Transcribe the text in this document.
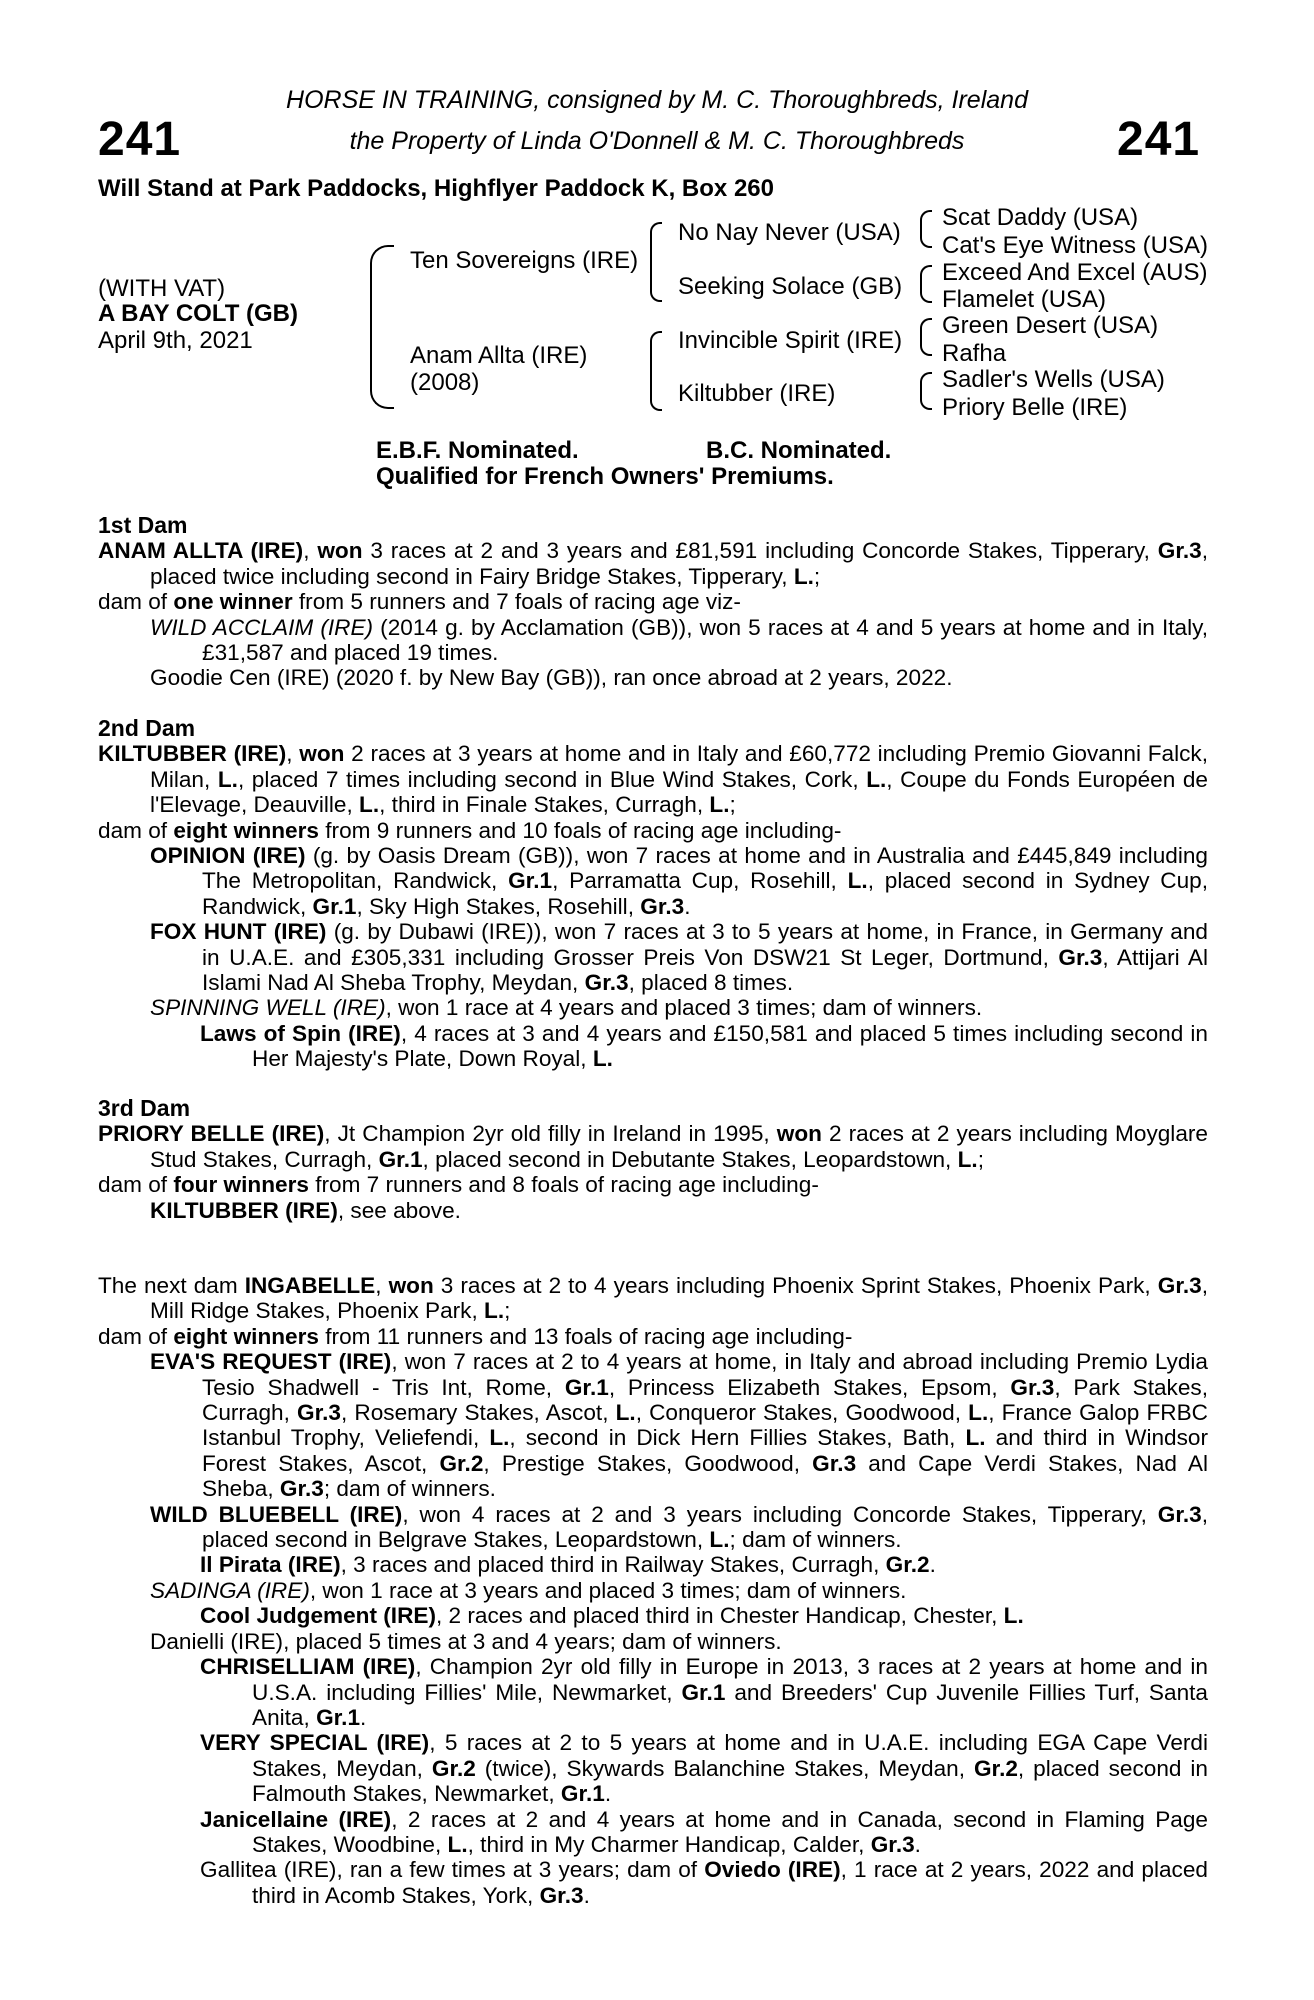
241	241
HORSE IN TRAINING, consigned by M. C. Thoroughbreds, Ireland
the Property of Linda O'Donnell & M. C. Thoroughbreds
Will Stand at Park Paddocks, Highflyer Paddock K, Box 260
(WITH VAT)
A BAY COLT (GB)
April 9th, 2021
Ten Sovereigns (IRE)
Anam Allta (IRE)
(2008)
No Nay Never (USA)
Seeking Solace (GB)
Invincible Spirit (IRE)
Kiltubber (IRE)
Scat Daddy (USA)
Cat's Eye Witness (USA)
Exceed And Excel (AUS)
Flamelet (USA)
Green Desert (USA)
Rafha
Sadler's Wells (USA)
Priory Belle (IRE)
E.B.F. Nominated.	B.C. Nominated.
Qualified for French Owners' Premiums.

1st Dam

ANAM ALLTA (IRE), won 3 races at 2 and 3 years and £81,591 including Concorde Stakes, Tipperary, Gr.3, placed twice including second in Fairy Bridge Stakes, Tipperary, L.;

dam of one winner from 5 runners and 7 foals of racing age viz-

WILD ACCLAIM (IRE) (2014 g. by Acclamation (GB)), won 5 races at 4 and 5 years at home and in Italy, £31,587 and placed 19 times.

Goodie Cen (IRE) (2020 f. by New Bay (GB)), ran once abroad at 2 years, 2022.

2nd Dam

KILTUBBER (IRE), won 2 races at 3 years at home and in Italy and £60,772 including Premio Giovanni Falck, Milan, L., placed 7 times including second in Blue Wind Stakes, Cork, L., Coupe du Fonds Européen de l'Elevage, Deauville, L., third in Finale Stakes, Curragh, L.;

dam of eight winners from 9 runners and 10 foals of racing age including-

OPINION (IRE) (g. by Oasis Dream (GB)), won 7 races at home and in Australia and £445,849 including The Metropolitan, Randwick, Gr.1, Parramatta Cup, Rosehill, L., placed second in Sydney Cup, Randwick, Gr.1, Sky High Stakes, Rosehill, Gr.3.

FOX HUNT (IRE) (g. by Dubawi (IRE)), won 7 races at 3 to 5 years at home, in France, in Germany and in U.A.E. and £305,331 including Grosser Preis Von DSW21 St Leger, Dortmund, Gr.3, Attijari Al Islami Nad Al Sheba Trophy, Meydan, Gr.3, placed 8 times.

SPINNING WELL (IRE), won 1 race at 4 years and placed 3 times; dam of winners.

Laws of Spin (IRE), 4 races at 3 and 4 years and £150,581 and placed 5 times including second in Her Majesty's Plate, Down Royal, L.

3rd Dam

PRIORY BELLE (IRE), Jt Champion 2yr old filly in Ireland in 1995, won 2 races at 2 years including Moyglare Stud Stakes, Curragh, Gr.1, placed second in Debutante Stakes, Leopardstown, L.;

dam of four winners from 7 runners and 8 foals of racing age including-

KILTUBBER (IRE), see above.

The next dam INGABELLE, won 3 races at 2 to 4 years including Phoenix Sprint Stakes, Phoenix Park, Gr.3, Mill Ridge Stakes, Phoenix Park, L.;

dam of eight winners from 11 runners and 13 foals of racing age including-

EVA'S REQUEST (IRE), won 7 races at 2 to 4 years at home, in Italy and abroad including Premio Lydia Tesio Shadwell - Tris Int, Rome, Gr.1, Princess Elizabeth Stakes, Epsom, Gr.3, Park Stakes, Curragh, Gr.3, Rosemary Stakes, Ascot, L., Conqueror Stakes, Goodwood, L., France Galop FRBC Istanbul Trophy, Veliefendi, L., second in Dick Hern Fillies Stakes, Bath, L. and third in Windsor Forest Stakes, Ascot, Gr.2, Prestige Stakes, Goodwood, Gr.3 and Cape Verdi Stakes, Nad Al Sheba, Gr.3; dam of winners.

WILD BLUEBELL (IRE), won 4 races at 2 and 3 years including Concorde Stakes, Tipperary, Gr.3, placed second in Belgrave Stakes, Leopardstown, L.; dam of winners.

Il Pirata (IRE), 3 races and placed third in Railway Stakes, Curragh, Gr.2.

SADINGA (IRE), won 1 race at 3 years and placed 3 times; dam of winners.

Cool Judgement (IRE), 2 races and placed third in Chester Handicap, Chester, L.

Danielli (IRE), placed 5 times at 3 and 4 years; dam of winners.

CHRISELLIAM (IRE), Champion 2yr old filly in Europe in 2013, 3 races at 2 years at home and in U.S.A. including Fillies' Mile, Newmarket, Gr.1 and Breeders' Cup Juvenile Fillies Turf, Santa Anita, Gr.1.

VERY SPECIAL (IRE), 5 races at 2 to 5 years at home and in U.A.E. including EGA Cape Verdi Stakes, Meydan, Gr.2 (twice), Skywards Balanchine Stakes, Meydan, Gr.2, placed second in Falmouth Stakes, Newmarket, Gr.1.

Janicellaine (IRE), 2 races at 2 and 4 years at home and in Canada, second in Flaming Page Stakes, Woodbine, L., third in My Charmer Handicap, Calder, Gr.3.

Gallitea (IRE), ran a few times at 3 years; dam of Oviedo (IRE), 1 race at 2 years, 2022 and placed third in Acomb Stakes, York, Gr.3.
